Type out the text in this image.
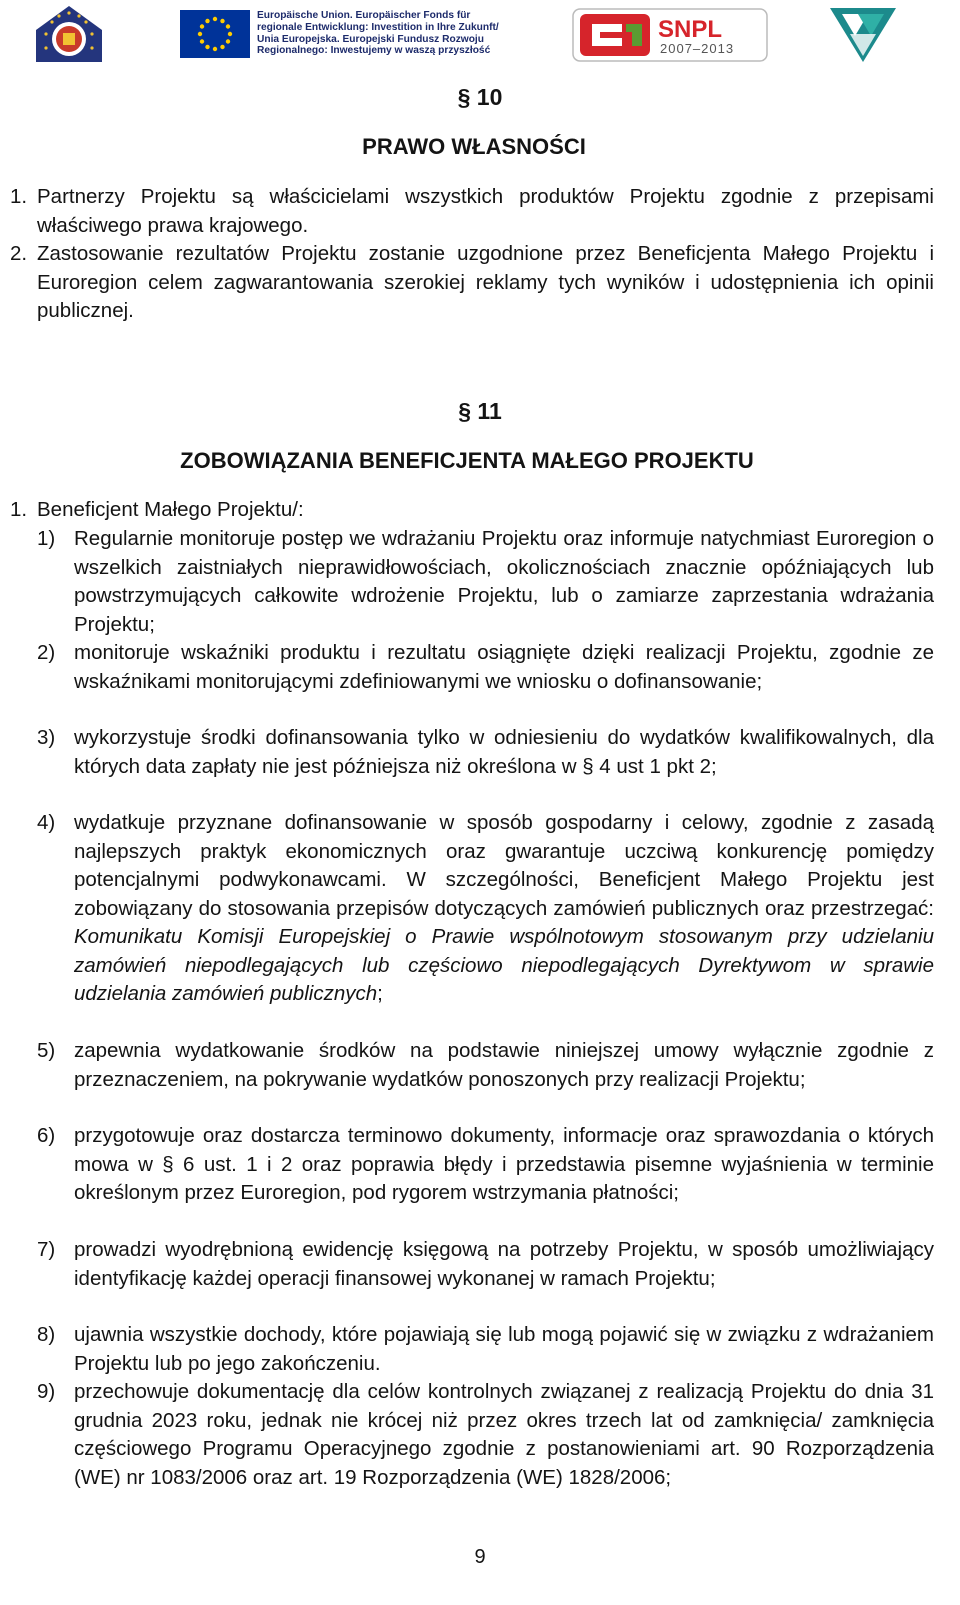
Europäische Union. Europäischer Fonds für
regionale Entwicklung: Investition in Ihre Zukunft/
Unia Europejska. Europejski Fundusz Rozwoju
Regionalnego: Inwestujemy w waszą przyszłość
SNPL
2007–2013
§ 10
PRAWO WŁASNOŚCI
1. Partnerzy Projektu są właścicielami wszystkich produktów Projektu zgodnie z przepisami właściwego prawa krajowego.
2. Zastosowanie rezultatów Projektu zostanie uzgodnione przez Beneficjenta Małego Projektu i Euroregion celem zagwarantowania szerokiej reklamy tych wyników i udostępnienia ich opinii publicznej.
§ 11
ZOBOWIĄZANIA BENEFICJENTA MAŁEGO PROJEKTU
1. Beneficjent Małego Projektu/:
1) Regularnie monitoruje postęp we wdrażaniu Projektu oraz informuje natychmiast Euroregion o wszelkich zaistniałych nieprawidłowościach, okolicznościach znacznie opóźniających lub powstrzymujących całkowite wdrożenie Projektu, lub o zamiarze zaprzestania wdrażania Projektu;
2) monitoruje wskaźniki produktu i rezultatu osiągnięte dzięki realizacji Projektu, zgodnie ze wskaźnikami monitorującymi zdefiniowanymi we wniosku o dofinansowanie;
3) wykorzystuje środki dofinansowania tylko w odniesieniu do wydatków kwalifikowalnych, dla których data zapłaty nie jest późniejsza niż określona w § 4 ust 1 pkt 2;
4) wydatkuje przyznane dofinansowanie w sposób gospodarny i celowy, zgodnie z zasadą najlepszych praktyk ekonomicznych oraz gwarantuje uczciwą konkurencję pomiędzy potencjalnymi podwykonawcami. W szczególności, Beneficjent Małego Projektu jest zobowiązany do stosowania przepisów dotyczących zamówień publicznych oraz przestrzegać: Komunikatu Komisji Europejskiej o Prawie wspólnotowym stosowanym przy udzielaniu zamówień niepodlegających lub częściowo niepodlegających Dyrektywom w sprawie udzielania zamówień publicznych;
5) zapewnia wydatkowanie środków na podstawie niniejszej umowy wyłącznie zgodnie z przeznaczeniem, na pokrywanie wydatków ponoszonych przy realizacji Projektu;
6) przygotowuje oraz dostarcza terminowo dokumenty, informacje oraz sprawozdania o których mowa w § 6 ust. 1 i 2 oraz poprawia błędy i przedstawia pisemne wyjaśnienia w terminie określonym przez Euroregion, pod rygorem wstrzymania płatności;
7) prowadzi wyodrębnioną ewidencję księgową na potrzeby Projektu, w sposób umożliwiający identyfikację każdej operacji finansowej wykonanej w ramach Projektu;
8) ujawnia wszystkie dochody, które pojawiają się lub mogą pojawić się w związku z wdrażaniem Projektu lub po jego zakończeniu.
9) przechowuje dokumentację dla celów kontrolnych związanej z realizacją Projektu do dnia 31 grudnia 2023 roku, jednak nie krócej niż przez okres trzech lat od zamknięcia/ zamknięcia częściowego Programu Operacyjnego zgodnie z postanowieniami art. 90 Rozporządzenia (WE) nr 1083/2006 oraz art. 19 Rozporządzenia (WE) 1828/2006;
9
